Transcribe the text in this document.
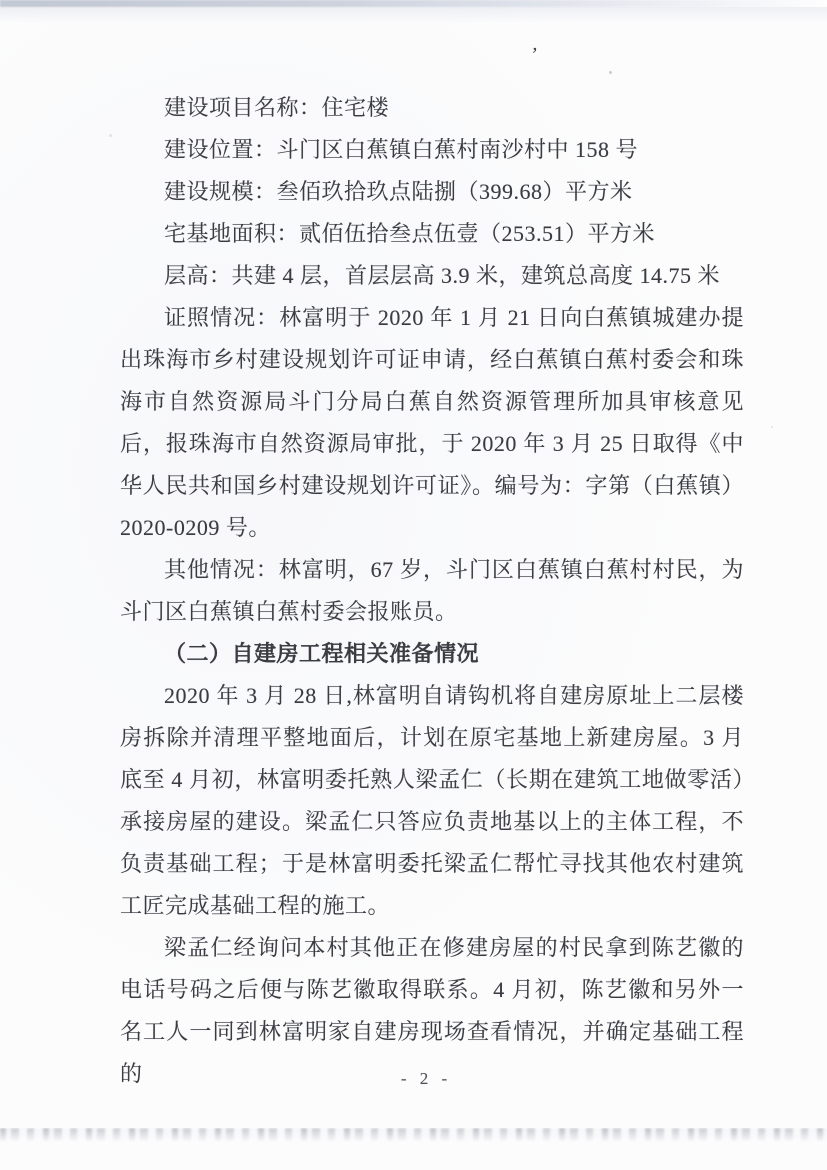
’

建设项目名称：住宅楼

建设位置：斗门区白蕉镇白蕉村南沙村中 158 号

建设规模：叁佰玖拾玖点陆捌（399.68）平方米

宅基地面积：贰佰伍拾叁点伍壹（253.51）平方米

层高：共建 4 层，首层层高 3.9 米，建筑总高度 14.75 米

证照情况：林富明于 2020 年 1 月 21 日向白蕉镇城建办提出珠海市乡村建设规划许可证申请，经白蕉镇白蕉村委会和珠海市自然资源局斗门分局白蕉自然资源管理所加具审核意见后，报珠海市自然资源局审批，于 2020 年 3 月 25 日取得《中华人民共和国乡村建设规划许可证》。编号为：字第（白蕉镇）2020-0209 号。

其他情况：林富明，67 岁，斗门区白蕉镇白蕉村村民，为斗门区白蕉镇白蕉村委会报账员。

（二）自建房工程相关准备情况

2020 年 3 月 28 日,林富明自请钩机将自建房原址上二层楼房拆除并清理平整地面后，计划在原宅基地上新建房屋。3 月底至 4 月初，林富明委托熟人梁孟仁（长期在建筑工地做零活）承接房屋的建设。梁孟仁只答应负责地基以上的主体工程，不负责基础工程；于是林富明委托梁孟仁帮忙寻找其他农村建筑工匠完成基础工程的施工。

梁孟仁经询问本村其他正在修建房屋的村民拿到陈艺徽的电话号码之后便与陈艺徽取得联系。4 月初，陈艺徽和另外一名工人一同到林富明家自建房现场查看情况，并确定基础工程的	- 2 -
